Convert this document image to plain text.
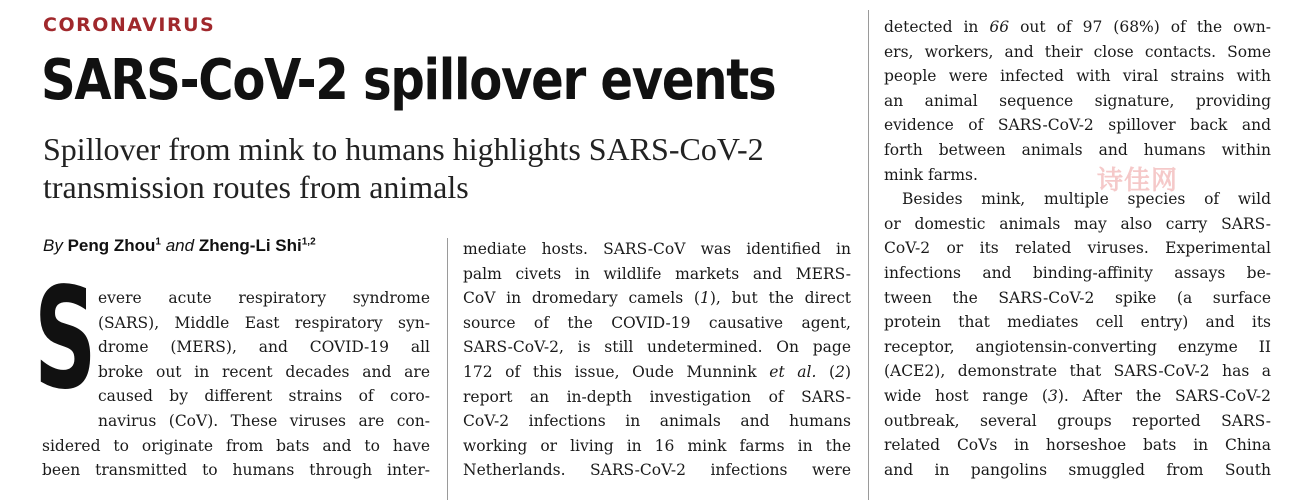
CORONAVIRUS
SARS-CoV-2 spillover events
Spillover from mink to humans highlights SARS-CoV-2
transmission routes from animals
By Peng Zhou$^1$ and Zheng-Li Shi$^{1,2}$
S evere acute respiratory syndrome
(SARS), Middle East respiratory syn-
drome (MERS), and COVID-19 all
broke out in recent decades and are
caused by different strains of coro-
navirus (CoV). These viruses are con-
sidered to originate from bats and to have
been transmitted to humans through inter-
mediate hosts. SARS-CoV was identified in
palm civets in wildlife markets and MERS-
CoV in dromedary camels (1), but the direct
source of the COVID-19 causative agent,
SARS-CoV-2, is still undetermined. On page
172 of this issue, Oude Munnink et al. (2)
report an in-depth investigation of SARS-
CoV-2 infections in animals and humans
working or living in 16 mink farms in the
Netherlands. SARS-CoV-2 infections were
detected in 66 out of 97 (68%) of the own-
ers, workers, and their close contacts. Some
people were infected with viral strains with
an animal sequence signature, providing
evidence of SARS-CoV-2 spillover back and
forth between animals and humans within
mink farms.
Besides mink, multiple species of wild
or domestic animals may also carry SARS-
CoV-2 or its related viruses. Experimental
infections and binding-affinity assays be-
tween the SARS-CoV-2 spike (a surface
protein that mediates cell entry) and its
receptor, angiotensin-converting enzyme II
(ACE2), demonstrate that SARS-CoV-2 has a
wide host range (3). After the SARS-CoV-2
outbreak, several groups reported SARS-
related CoVs in horseshoe bats in China
and in pangolins smuggled from South
诗佳网
